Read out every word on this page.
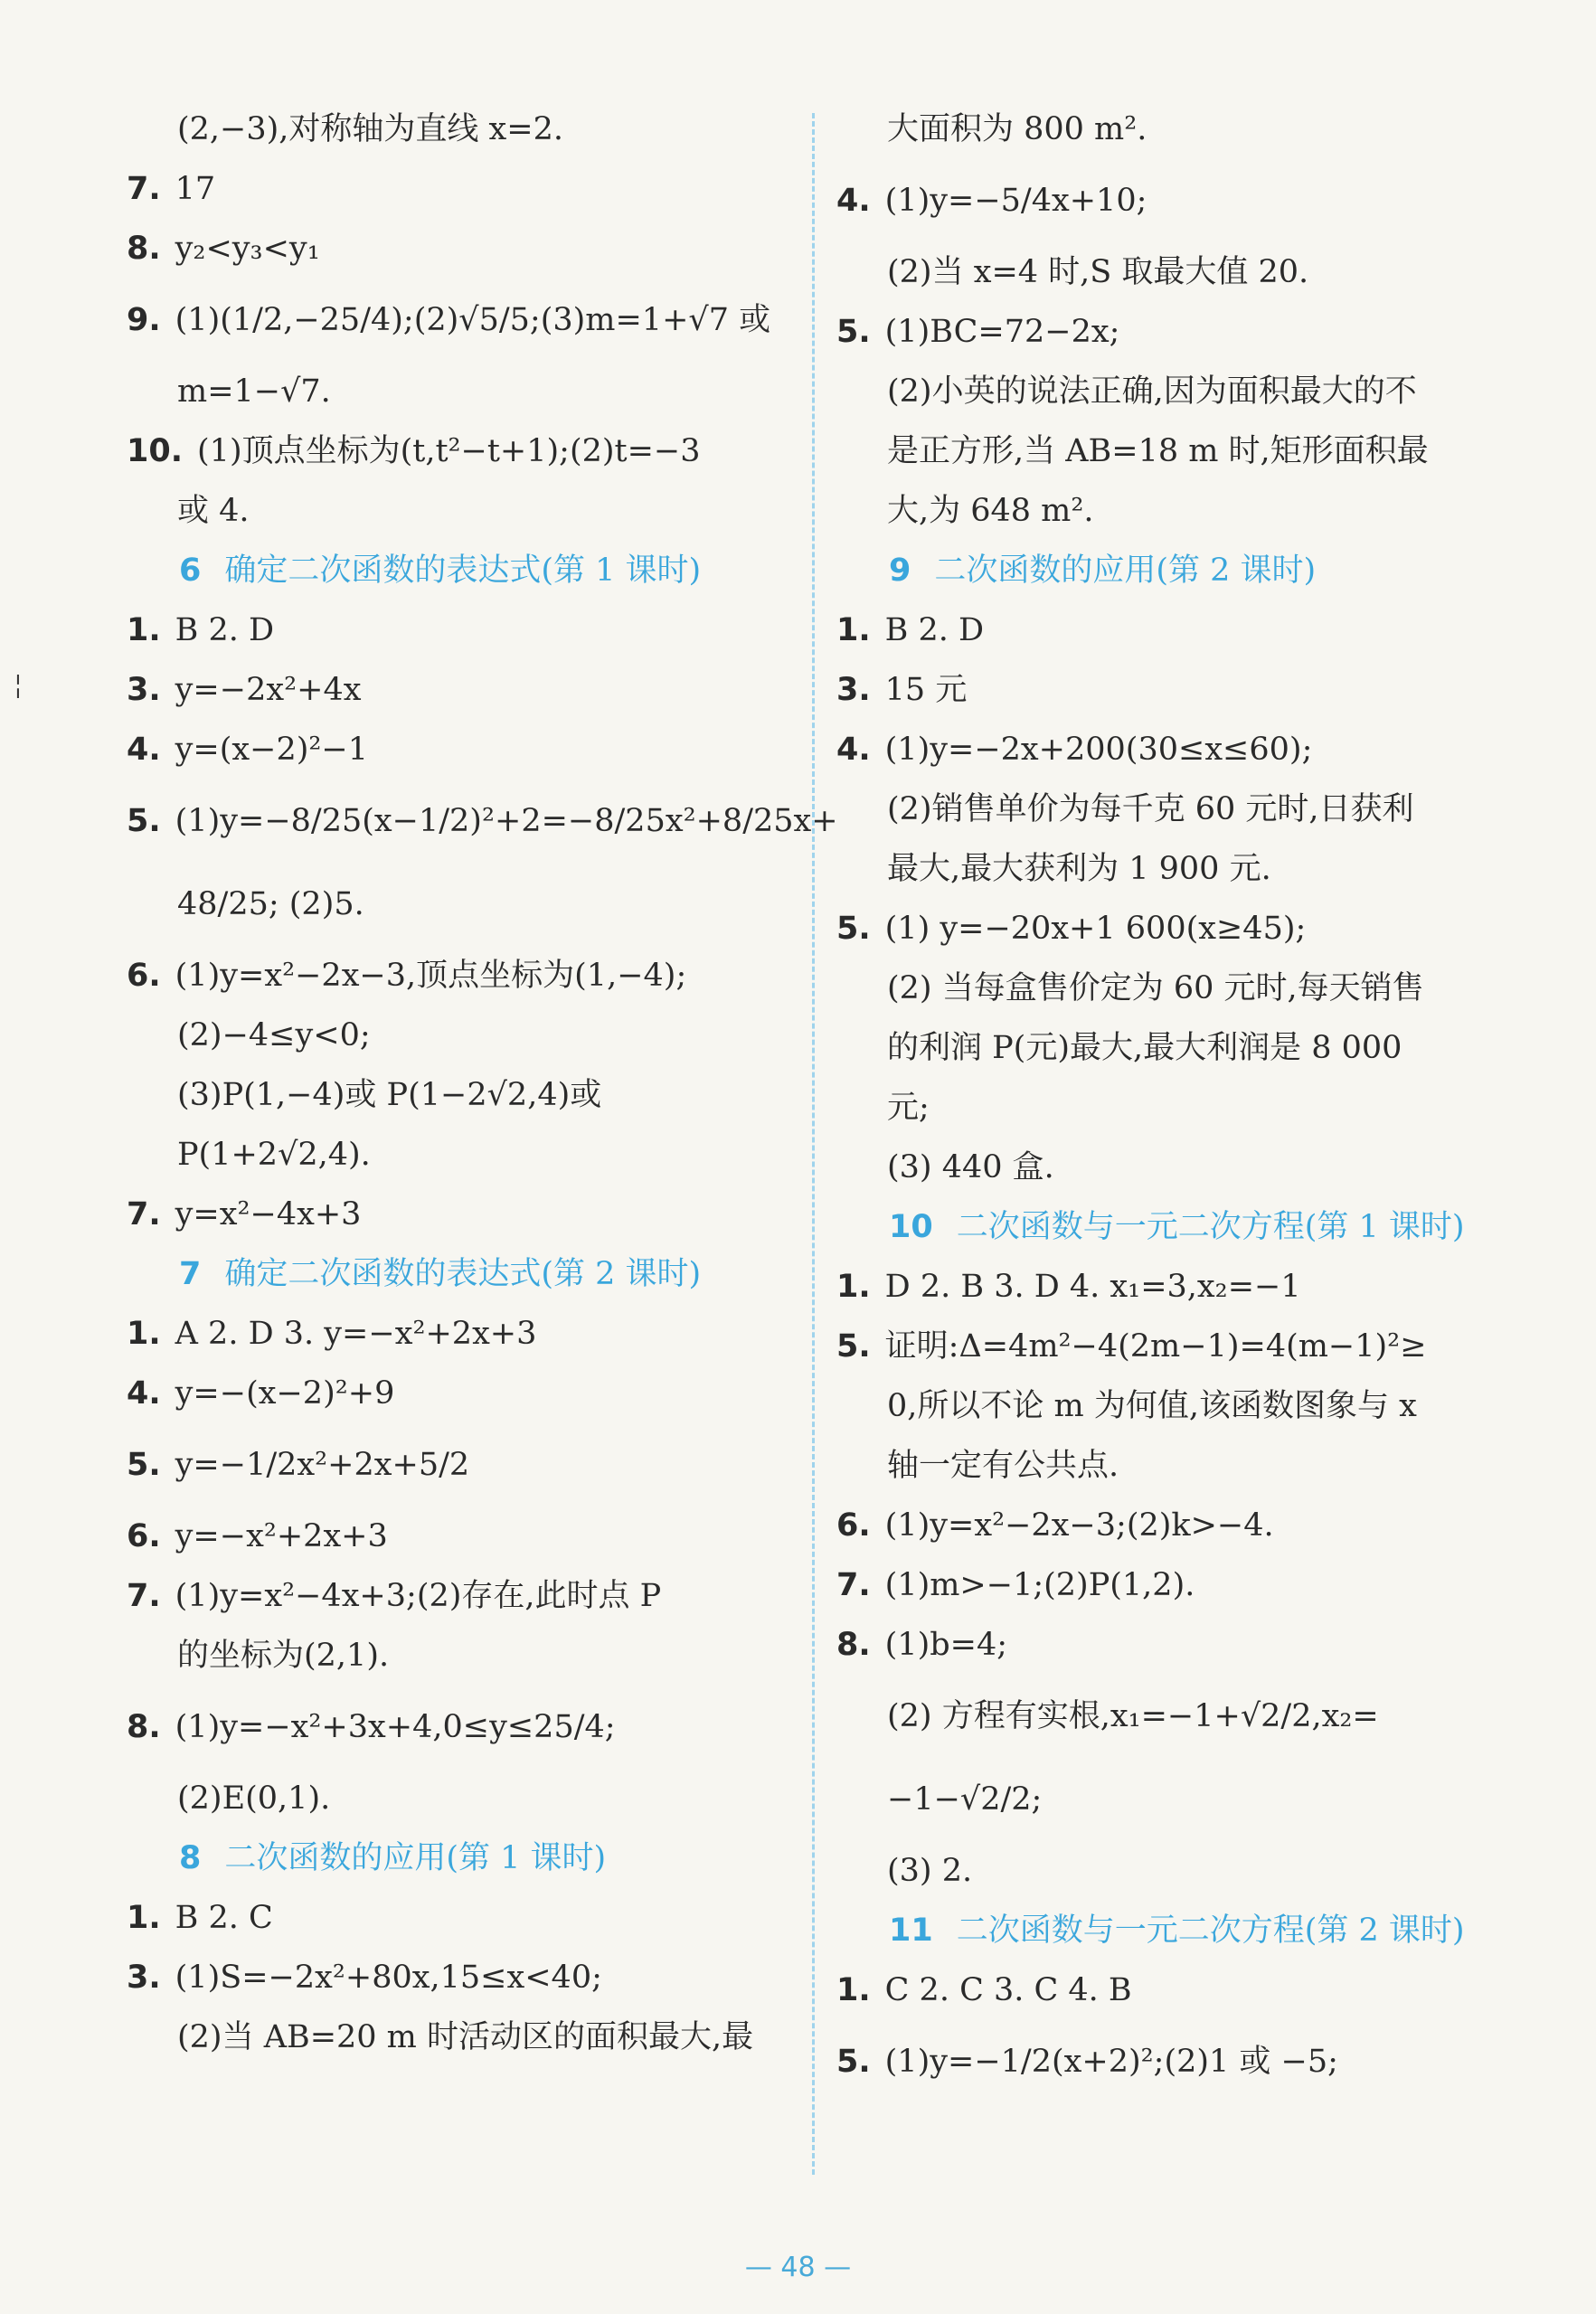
(2,−3),对称轴为直线 x=2.
7. 17
8. y₂<y₃<y₁
9. (1)(1/2,−25/4);(2)√5/5;(3)m=1+√7 或
m=1−√7.
10. (1)顶点坐标为(t,t²−t+1);(2)t=−3
或 4.
6 确定二次函数的表达式(第 1 课时)
1. B 2. D
3. y=−2x²+4x
4. y=(x−2)²−1
5. (1)y=−8/25(x−1/2)²+2=−8/25x²+8/25x+
48/25; (2)5.
6. (1)y=x²−2x−3,顶点坐标为(1,−4);
(2)−4≤y<0;
(3)P(1,−4)或 P(1−2√2,4)或
P(1+2√2,4).
7. y=x²−4x+3
7 确定二次函数的表达式(第 2 课时)
1. A 2. D 3. y=−x²+2x+3
4. y=−(x−2)²+9
5. y=−1/2x²+2x+5/2
6. y=−x²+2x+3
7. (1)y=x²−4x+3;(2)存在,此时点 P
的坐标为(2,1).
8. (1)y=−x²+3x+4,0≤y≤25/4;
(2)E(0,1).
8 二次函数的应用(第 1 课时)
1. B 2. C
3. (1)S=−2x²+80x,15≤x<40;
(2)当 AB=20 m 时活动区的面积最大,最
大面积为 800 m².
4. (1)y=−5/4x+10;
(2)当 x=4 时,S 取最大值 20.
5. (1)BC=72−2x;
(2)小英的说法正确,因为面积最大的不
是正方形,当 AB=18 m 时,矩形面积最
大,为 648 m².
9 二次函数的应用(第 2 课时)
1. B 2. D
3. 15 元
4. (1)y=−2x+200(30≤x≤60);
(2)销售单价为每千克 60 元时,日获利
最大,最大获利为 1 900 元.
5. (1) y=−20x+1 600(x≥45);
(2) 当每盒售价定为 60 元时,每天销售
的利润 P(元)最大,最大利润是 8 000
元;
(3) 440 盒.
10 二次函数与一元二次方程(第 1 课时)
1. D 2. B 3. D 4. x₁=3,x₂=−1
5. 证明:Δ=4m²−4(2m−1)=4(m−1)²≥
0,所以不论 m 为何值,该函数图象与 x
轴一定有公共点.
6. (1)y=x²−2x−3;(2)k>−4.
7. (1)m>−1;(2)P(1,2).
8. (1)b=4;
(2) 方程有实根,x₁=−1+√2/2,x₂=
−1−√2/2;
(3) 2.
11 二次函数与一元二次方程(第 2 课时)
1. C 2. C 3. C 4. B
5. (1)y=−1/2(x+2)²;(2)1 或 −5;
— 48 —
╎
